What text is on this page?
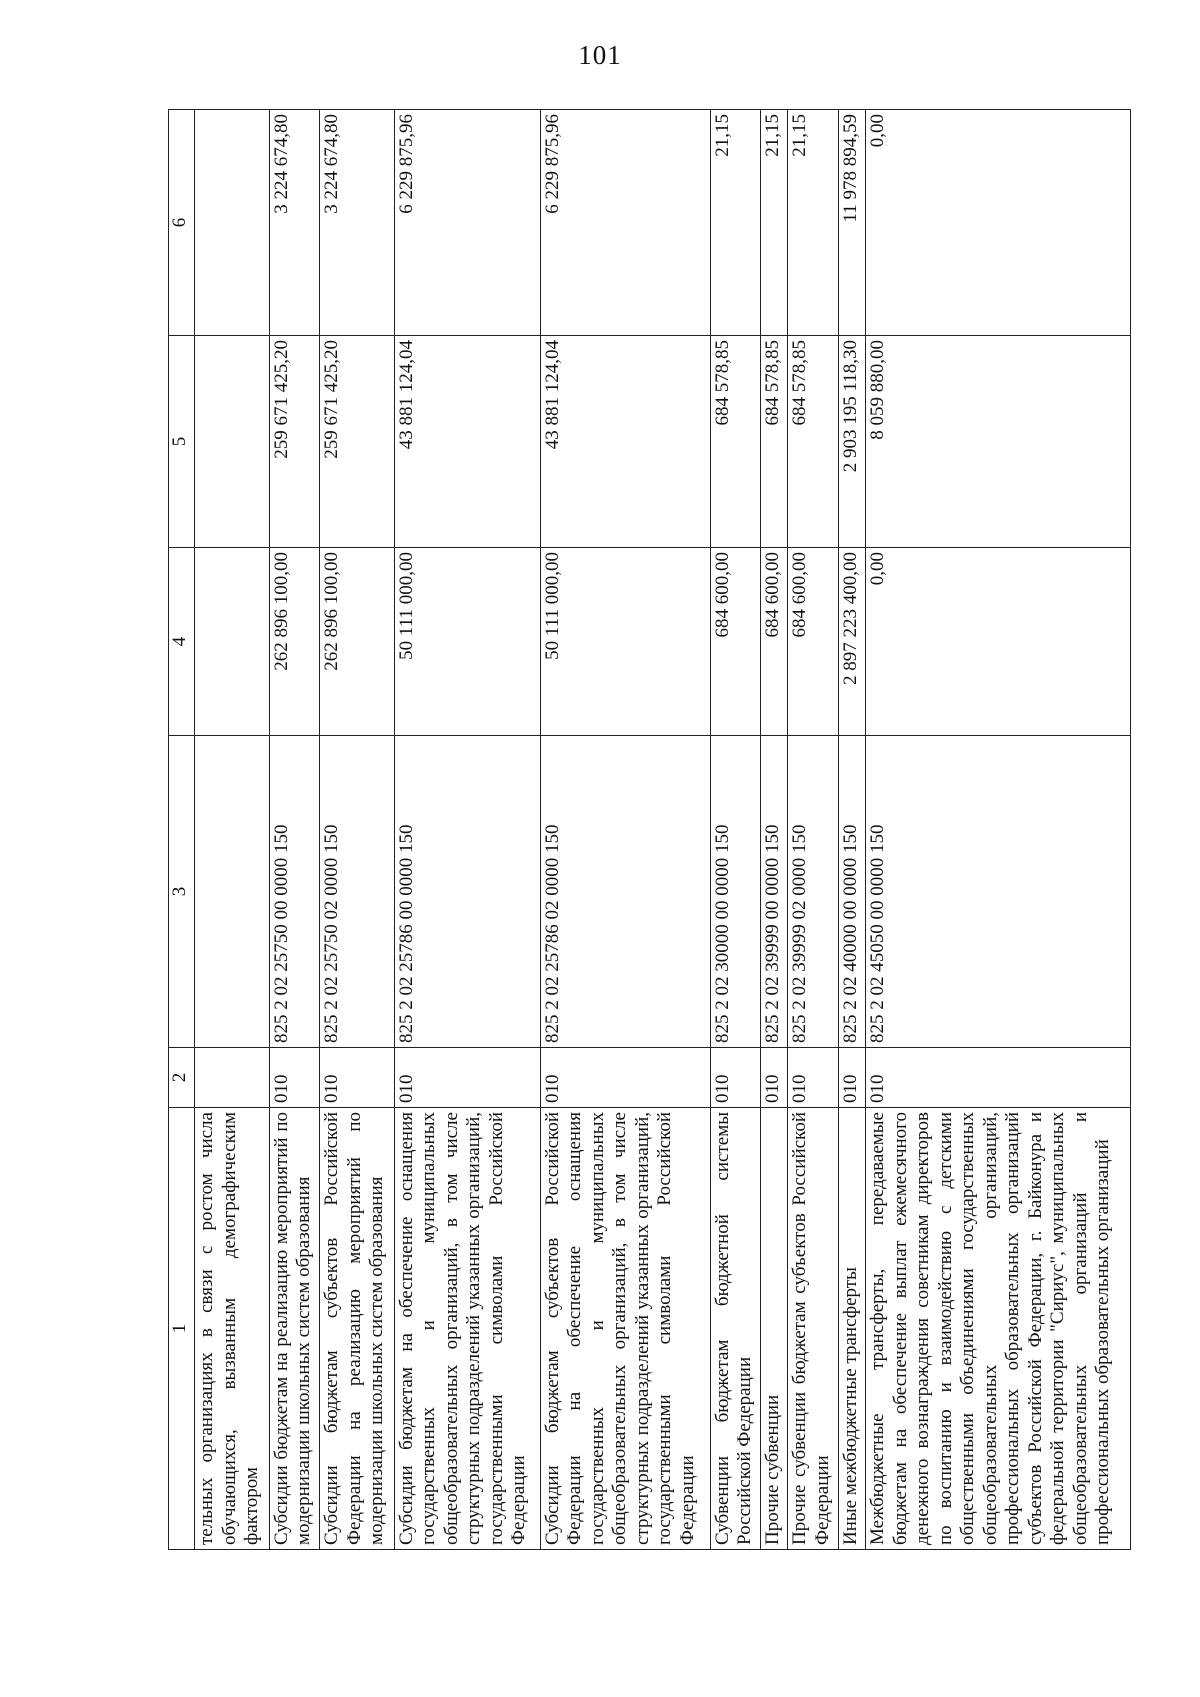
101
1	2	3	4	5	6
тельных организациях в связи с ростом числа обучающихся, вызванным демографическим фактором					
Субсидии бюджетам на реализацию мероприятий по модернизации школьных систем образования	010	825 2 02 25750 00 0000 150	262 896 100,00	259 671 425,20	3 224 674,80
Субсидии бюджетам субъектов Российской Федерации на реализацию мероприятий по модернизации школьных систем образования	010	825 2 02 25750 02 0000 150	262 896 100,00	259 671 425,20	3 224 674,80
Субсидии бюджетам на обеспечение оснащения государственных и муниципальных общеобразовательных организаций, в том числе структурных подразделений указанных организаций, государственными символами Российской Федерации	010	825 2 02 25786 00 0000 150	50 111 000,00	43 881 124,04	6 229 875,96
Субсидии бюджетам субъектов Российской Федерации на обеспечение оснащения государственных и муниципальных общеобразовательных организаций, в том числе структурных подразделений указанных организаций, государственными символами Российской Федерации	010	825 2 02 25786 02 0000 150	50 111 000,00	43 881 124,04	6 229 875,96
Субвенции бюджетам бюджетной системы Российской Федерации	010	825 2 02 30000 00 0000 150	684 600,00	684 578,85	21,15
Прочие субвенции	010	825 2 02 39999 00 0000 150	684 600,00	684 578,85	21,15
Прочие субвенции бюджетам субъектов Российской Федерации	010	825 2 02 39999 02 0000 150	684 600,00	684 578,85	21,15
Иные межбюджетные трансферты	010	825 2 02 40000 00 0000 150	2 897 223 400,00	2 903 195 118,30	11 978 894,59
Межбюджетные трансферты, передаваемые бюджетам на обеспечение выплат ежемесячного денежного вознаграждения советникам директоров по воспитанию и взаимодействию с детскими общественными объединениями государственных общеобразовательных организаций, профессиональных образовательных организаций субъектов Российской Федерации, г. Байконура и федеральной территории "Сириус", муниципальных общеобразовательных организаций и профессиональных образовательных организаций	010	825 2 02 45050 00 0000 150	0,00	8 059 880,00	0,00
